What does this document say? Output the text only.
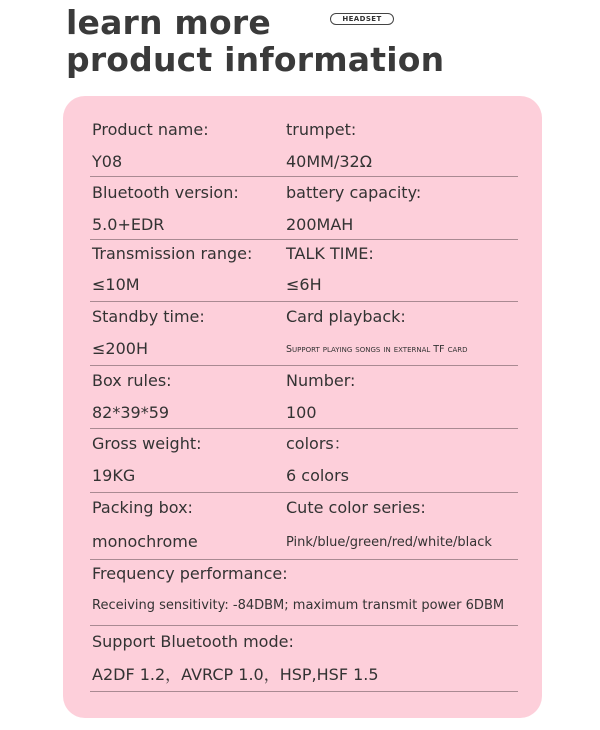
learn more
product information
HEADSET
Product name:	trumpet:
Y08	40MM/32Ω
Bluetooth version:	battery capacity:
5.0+EDR	200MAH
Transmission range: TALK TIME:
≤10M	≤6H
Standby time:	Card playback:
≤200H	Support playing songs in external TF card
Box rules:	Number:
82*39*59	100
Gross weight:	colors：
19KG	6 colors
Packing box:	Cute color series:
monochrome	Pink/blue/green/red/white/black
Frequency performance:
Receiving sensitivity: -84DBM; maximum transmit power 6DBM
Support Bluetooth mode:
A2DF 1.2，AVRCP 1.0，HSP,HSF 1.5
